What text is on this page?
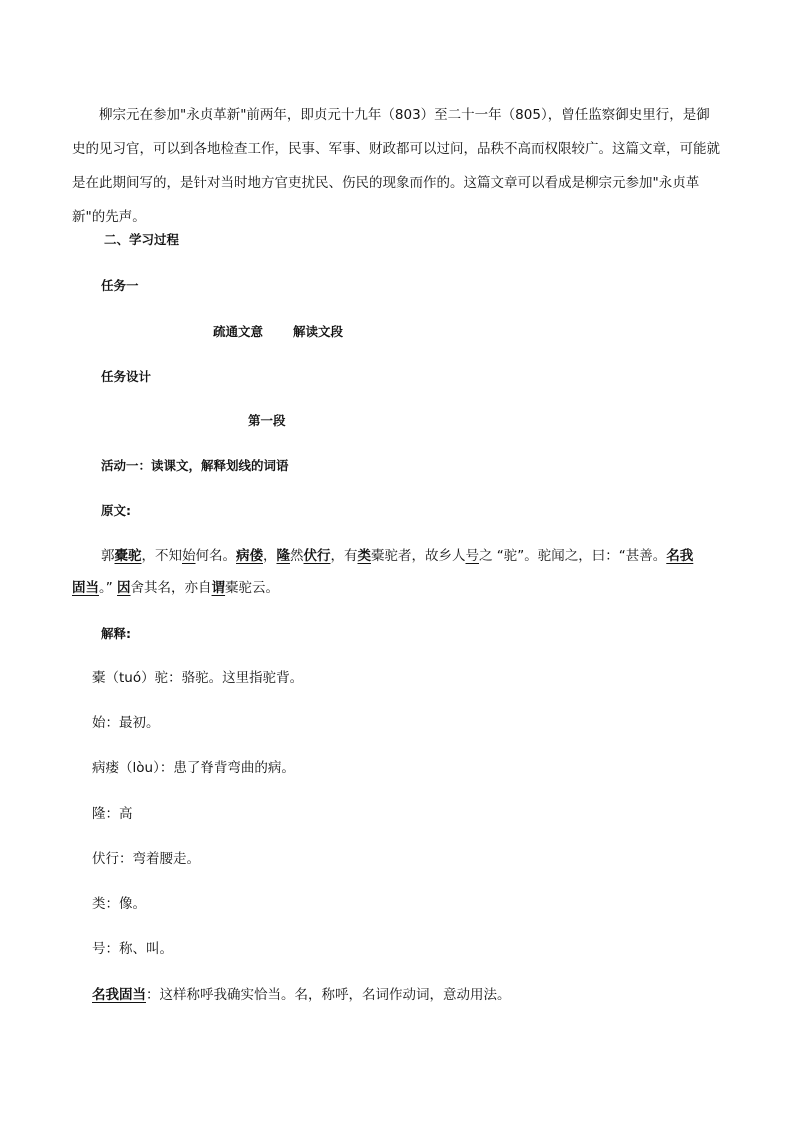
柳宗元在参加"永贞革新"前两年，即贞元十九年（803）至二十一年（805），曾任监察御史里行，是御史的见习官，可以到各地检查工作，民事、军事、财政都可以过问，品秩不高而权限较广。这篇文章，可能就是在此期间写的，是针对当时地方官吏扰民、伤民的现象而作的。这篇文章可以看成是柳宗元参加"永贞革新"的先声。

二、学习过程

任务一

疏通文意 解读文段

任务设计

第一段

活动一：读课文，解释划线的词语

原文:

郭橐驼，不知始何名。病偻，隆然伏行，有类橐驼者，故乡人号之 “驼”。驼闻之，曰：“甚善。名我

固当。” 因舍其名，亦自谓橐驼云。

解释:

橐（tuó）驼：骆驼。这里指驼背。

始：最初。

病瘘（lòu）：患了脊背弯曲的病。

隆：高

伏行：弯着腰走。

类：像。

号：称、叫。

名我固当：这样称呼我确实恰当。名，称呼，名词作动词，意动用法。
